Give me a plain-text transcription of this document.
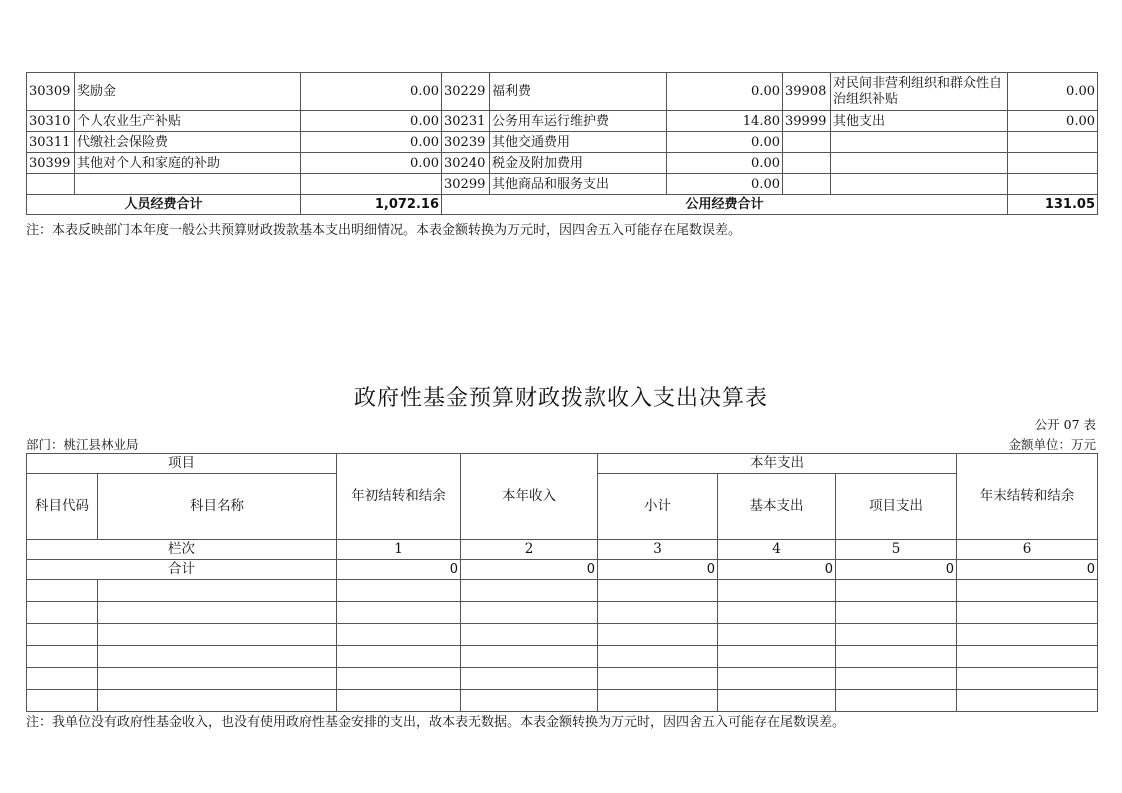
30309	奖励金	0.00	30229	福利费	0.00	39908	对民间非营利组织和群众性自治组织补贴	0.00
30310	个人农业生产补贴	0.00	30231	公务用车运行维护费	14.80	39999	其他支出	0.00
30311	代缴社会保险费	0.00	30239	其他交通费用	0.00			
30399	其他对个人和家庭的补助	0.00	30240	税金及附加费用	0.00			
			30299	其他商品和服务支出	0.00			
人员经费合计		1,072.16	公用经费合计					131.05
注：本表反映部门本年度一般公共预算财政拨款基本支出明细情况。本表金额转换为万元时，因四舍五入可能存在尾数误差。
政府性基金预算财政拨款收入支出决算表
公开 07 表
部门：桃江县林业局	金额单位：万元
项目		年初结转和结余	本年收入	本年支出			年末结转和结余
科目代码	科目名称			小计	基本支出	项目支出	
栏次		1	2	3	4	5	6
合计		0	0	0	0	0	0

注：我单位没有政府性基金收入，也没有使用政府性基金安排的支出，故本表无数据。本表金额转换为万元时，因四舍五入可能存在尾数误差。
